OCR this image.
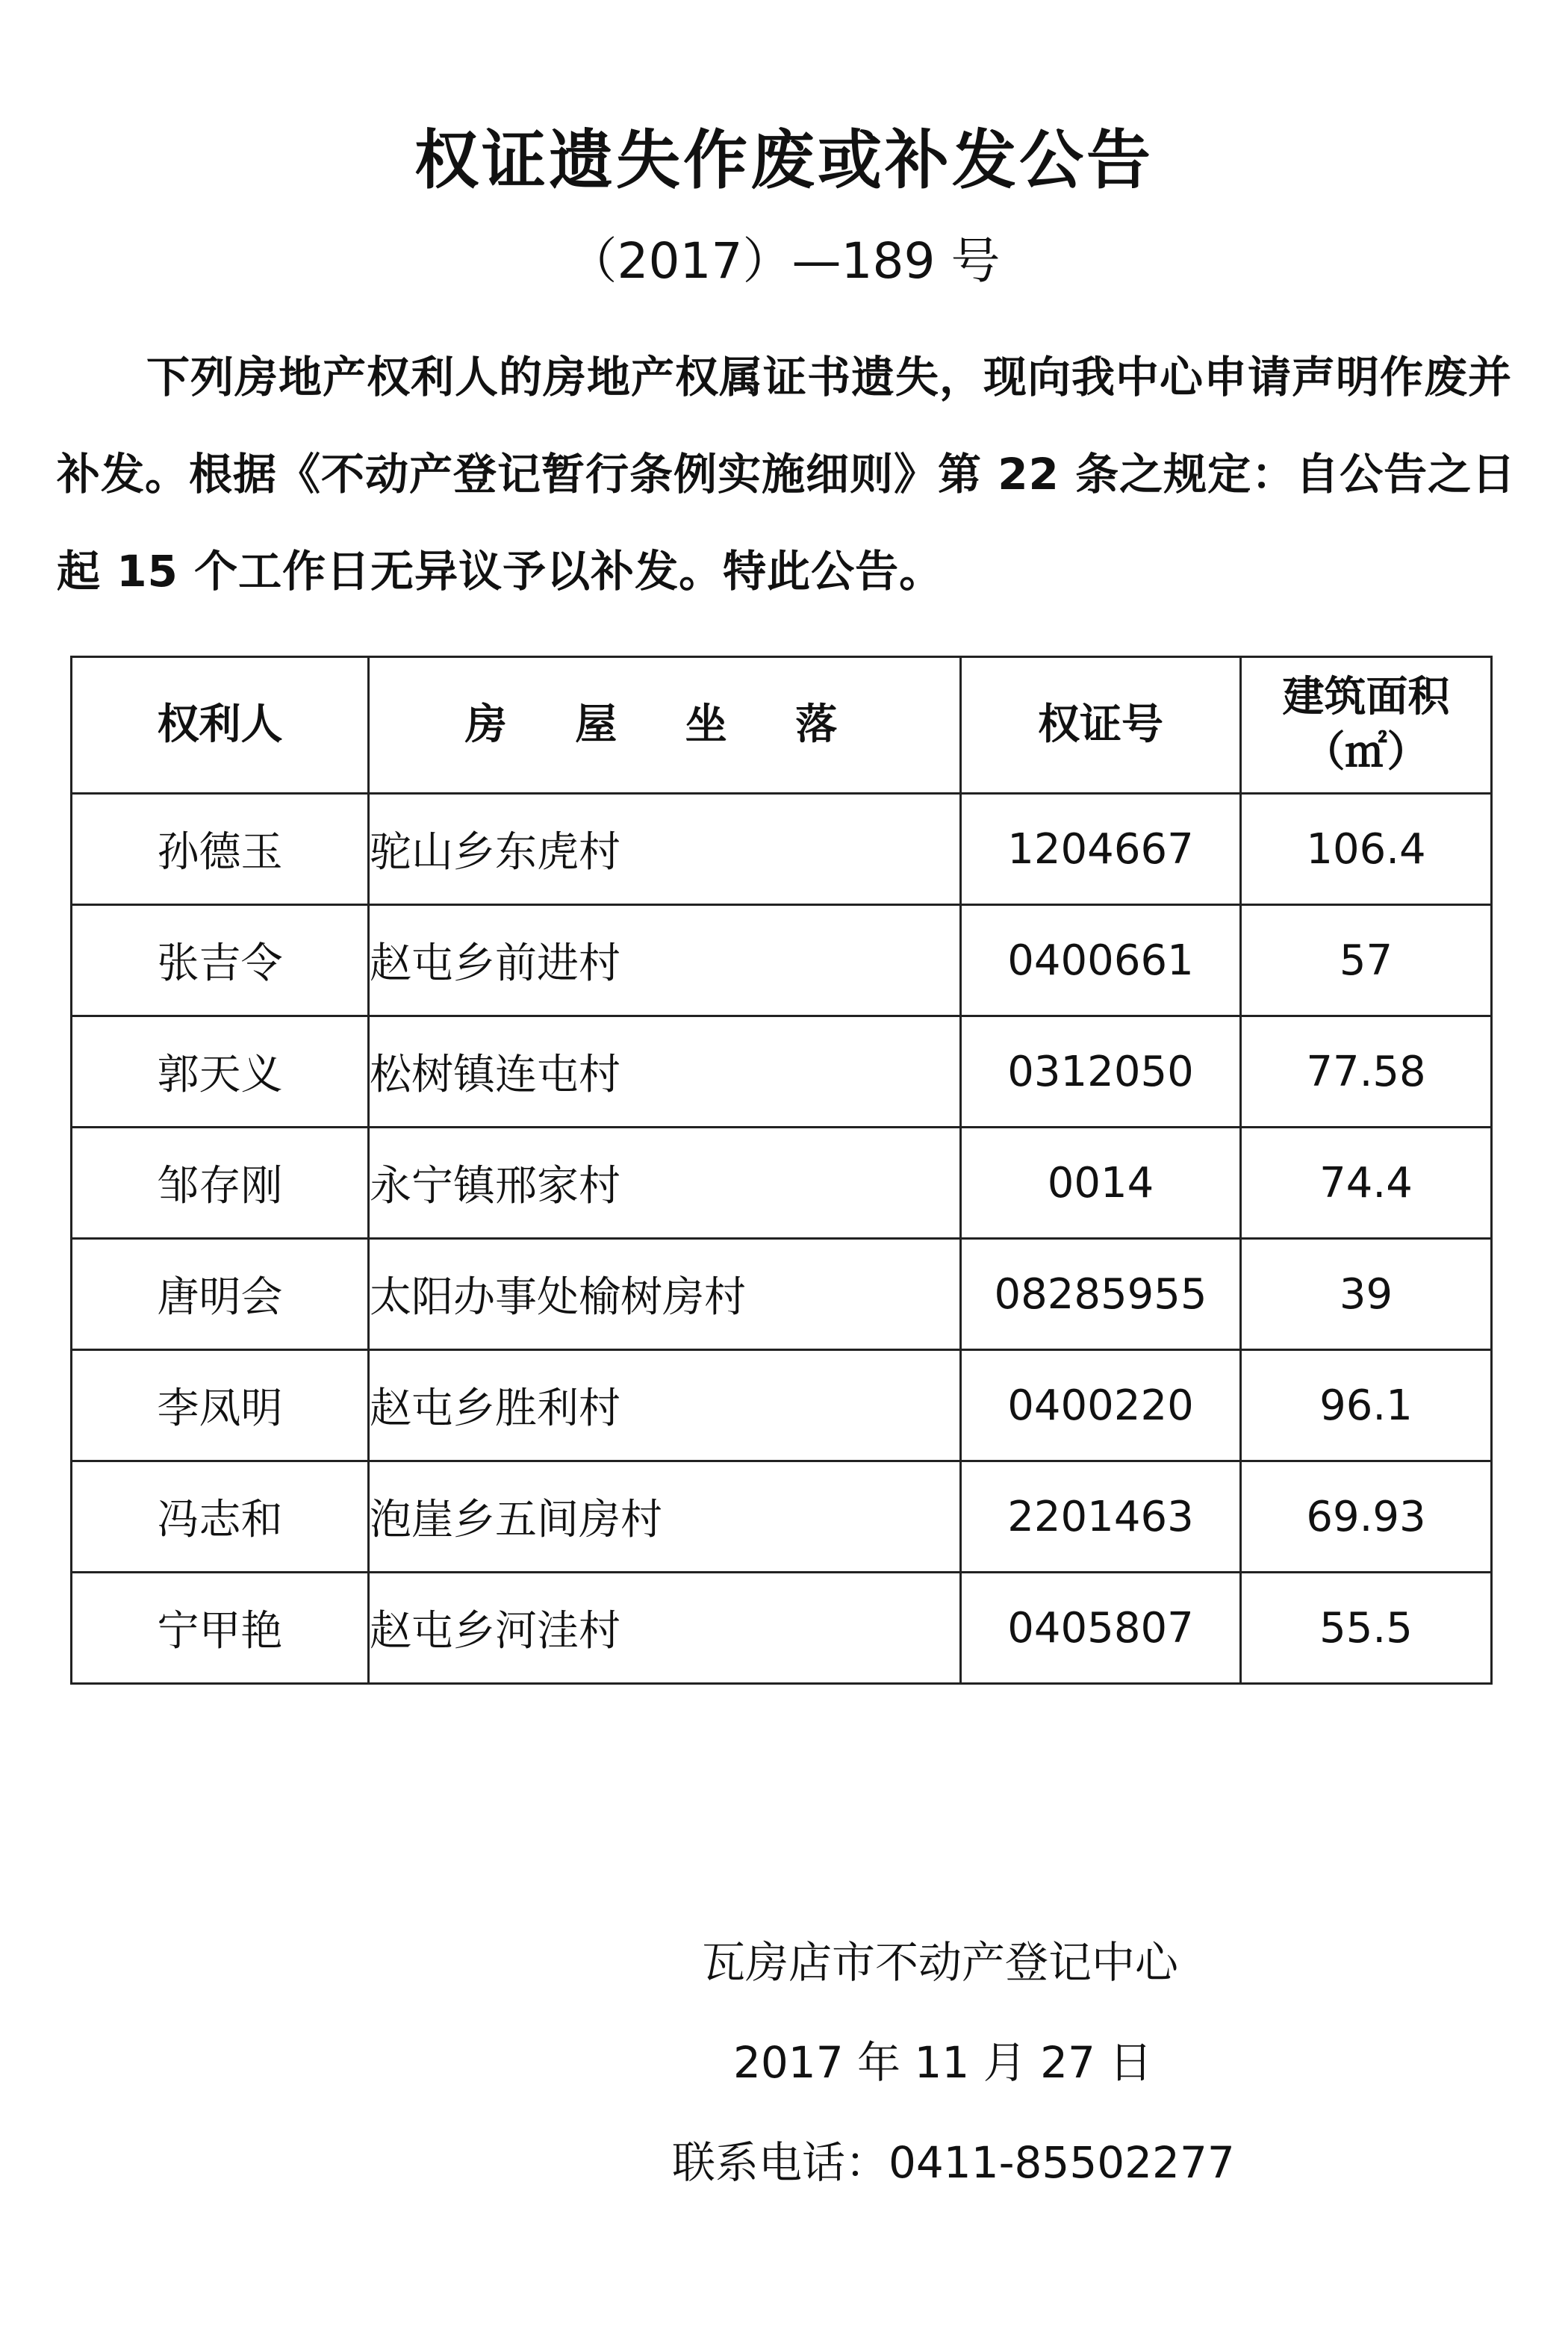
权证遗失作废或补发公告
（2017）—189 号
下列房地产权利人的房地产权属证书遗失，现向我中心申请声明作废并补发。根据《不动产登记暂行条例实施细则》第 22 条之规定：自公告之日起 15 个工作日无异议予以补发。特此公告。
权利人	房 屋 坐 落	权证号	建筑面积
（㎡）
孙德玉	驼山乡东虎村	1204667	106.4
张吉令	赵屯乡前进村	0400661	57
郭天义	松树镇连屯村	0312050	77.58
邹存刚	永宁镇邢家村	0014	74.4
唐明会	太阳办事处榆树房村	08285955	39
李凤明	赵屯乡胜利村	0400220	96.1
冯志和	泡崖乡五间房村	2201463	69.93
宁甲艳	赵屯乡河洼村	0405807	55.5
瓦房店市不动产登记中心
2017 年 11 月 27 日
联系电话：0411-85502277
